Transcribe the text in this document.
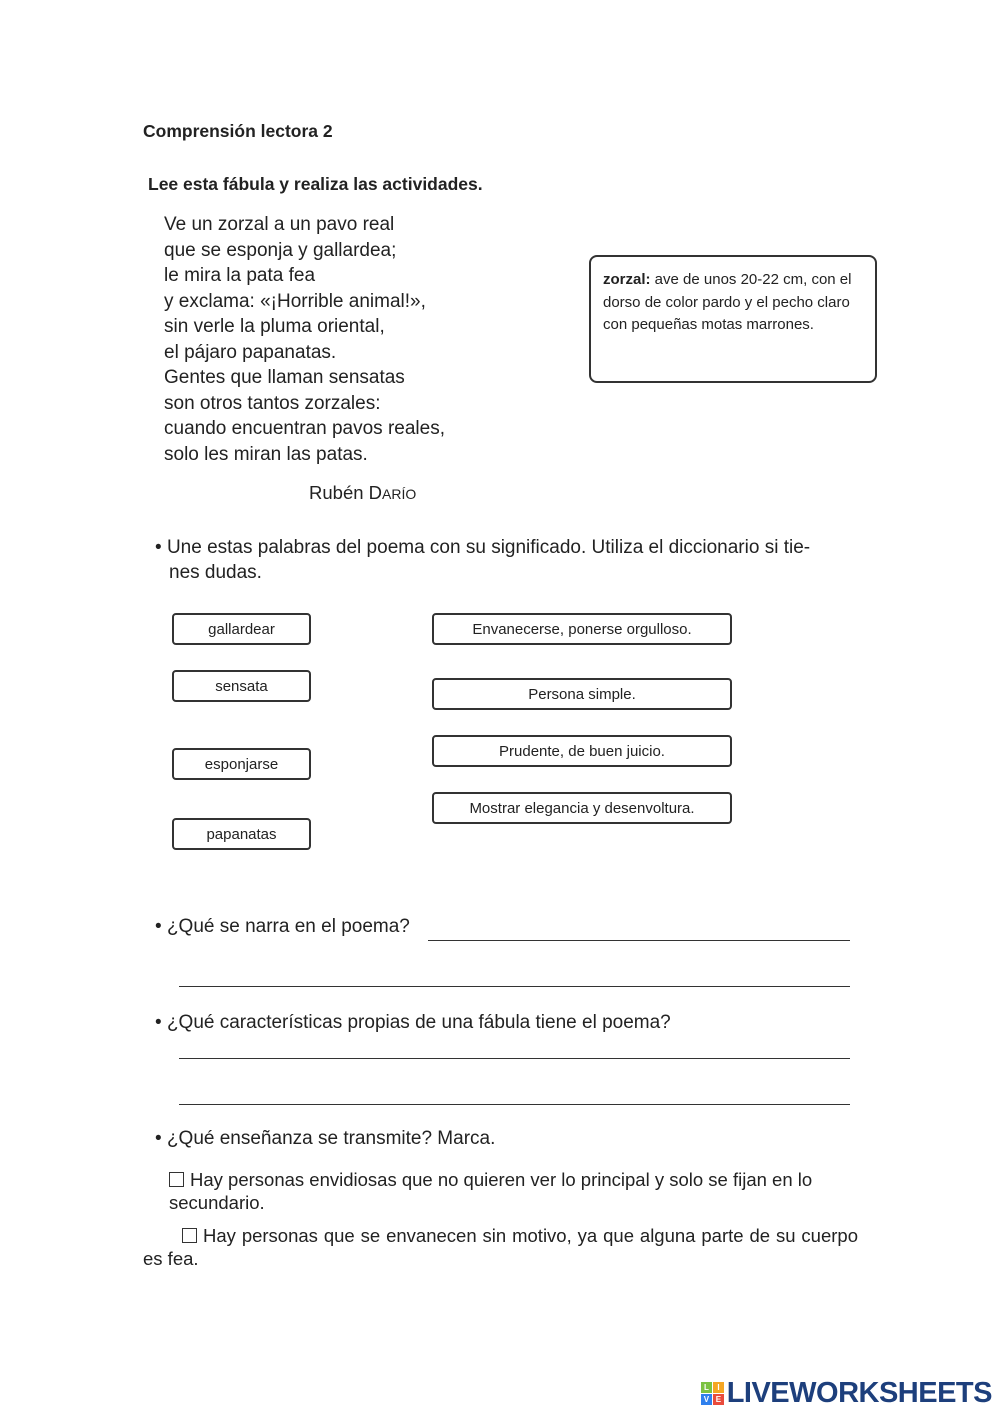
Comprensión lectora 2
Lee esta fábula y realiza las actividades.
Ve un zorzal a un pavo real
que se esponja y gallardea;
le mira la pata fea
y exclama: «¡Horrible animal!»,
sin verle la pluma oriental,
el pájaro papanatas.
Gentes que llaman sensatas
son otros tantos zorzales:
cuando encuentran pavos reales,
solo les miran las patas.
Rubén DARÍO
zorzal: ave de unos 20-22 cm, con el dorso de color pardo y el pecho claro con pequeñas motas marrones.
• Une estas palabras del poema con su significado. Utiliza el diccionario si tie-
nes dudas.
gallardear
sensata
esponjarse
papanatas
Envanecerse, ponerse orgulloso.
Persona simple.
Prudente, de buen juicio.
Mostrar elegancia y desenvoltura.
• ¿Qué se narra en el poema?
• ¿Qué características propias de una fábula tiene el poema?
• ¿Qué enseñanza se transmite? Marca.
Hay personas envidiosas que no quieren ver lo principal y solo se fijan en lo secundario.
Hay personas que se envanecen sin motivo, ya que alguna parte de su cuerpo es fea.
L	I
V E LIVEWORKSHEETS
